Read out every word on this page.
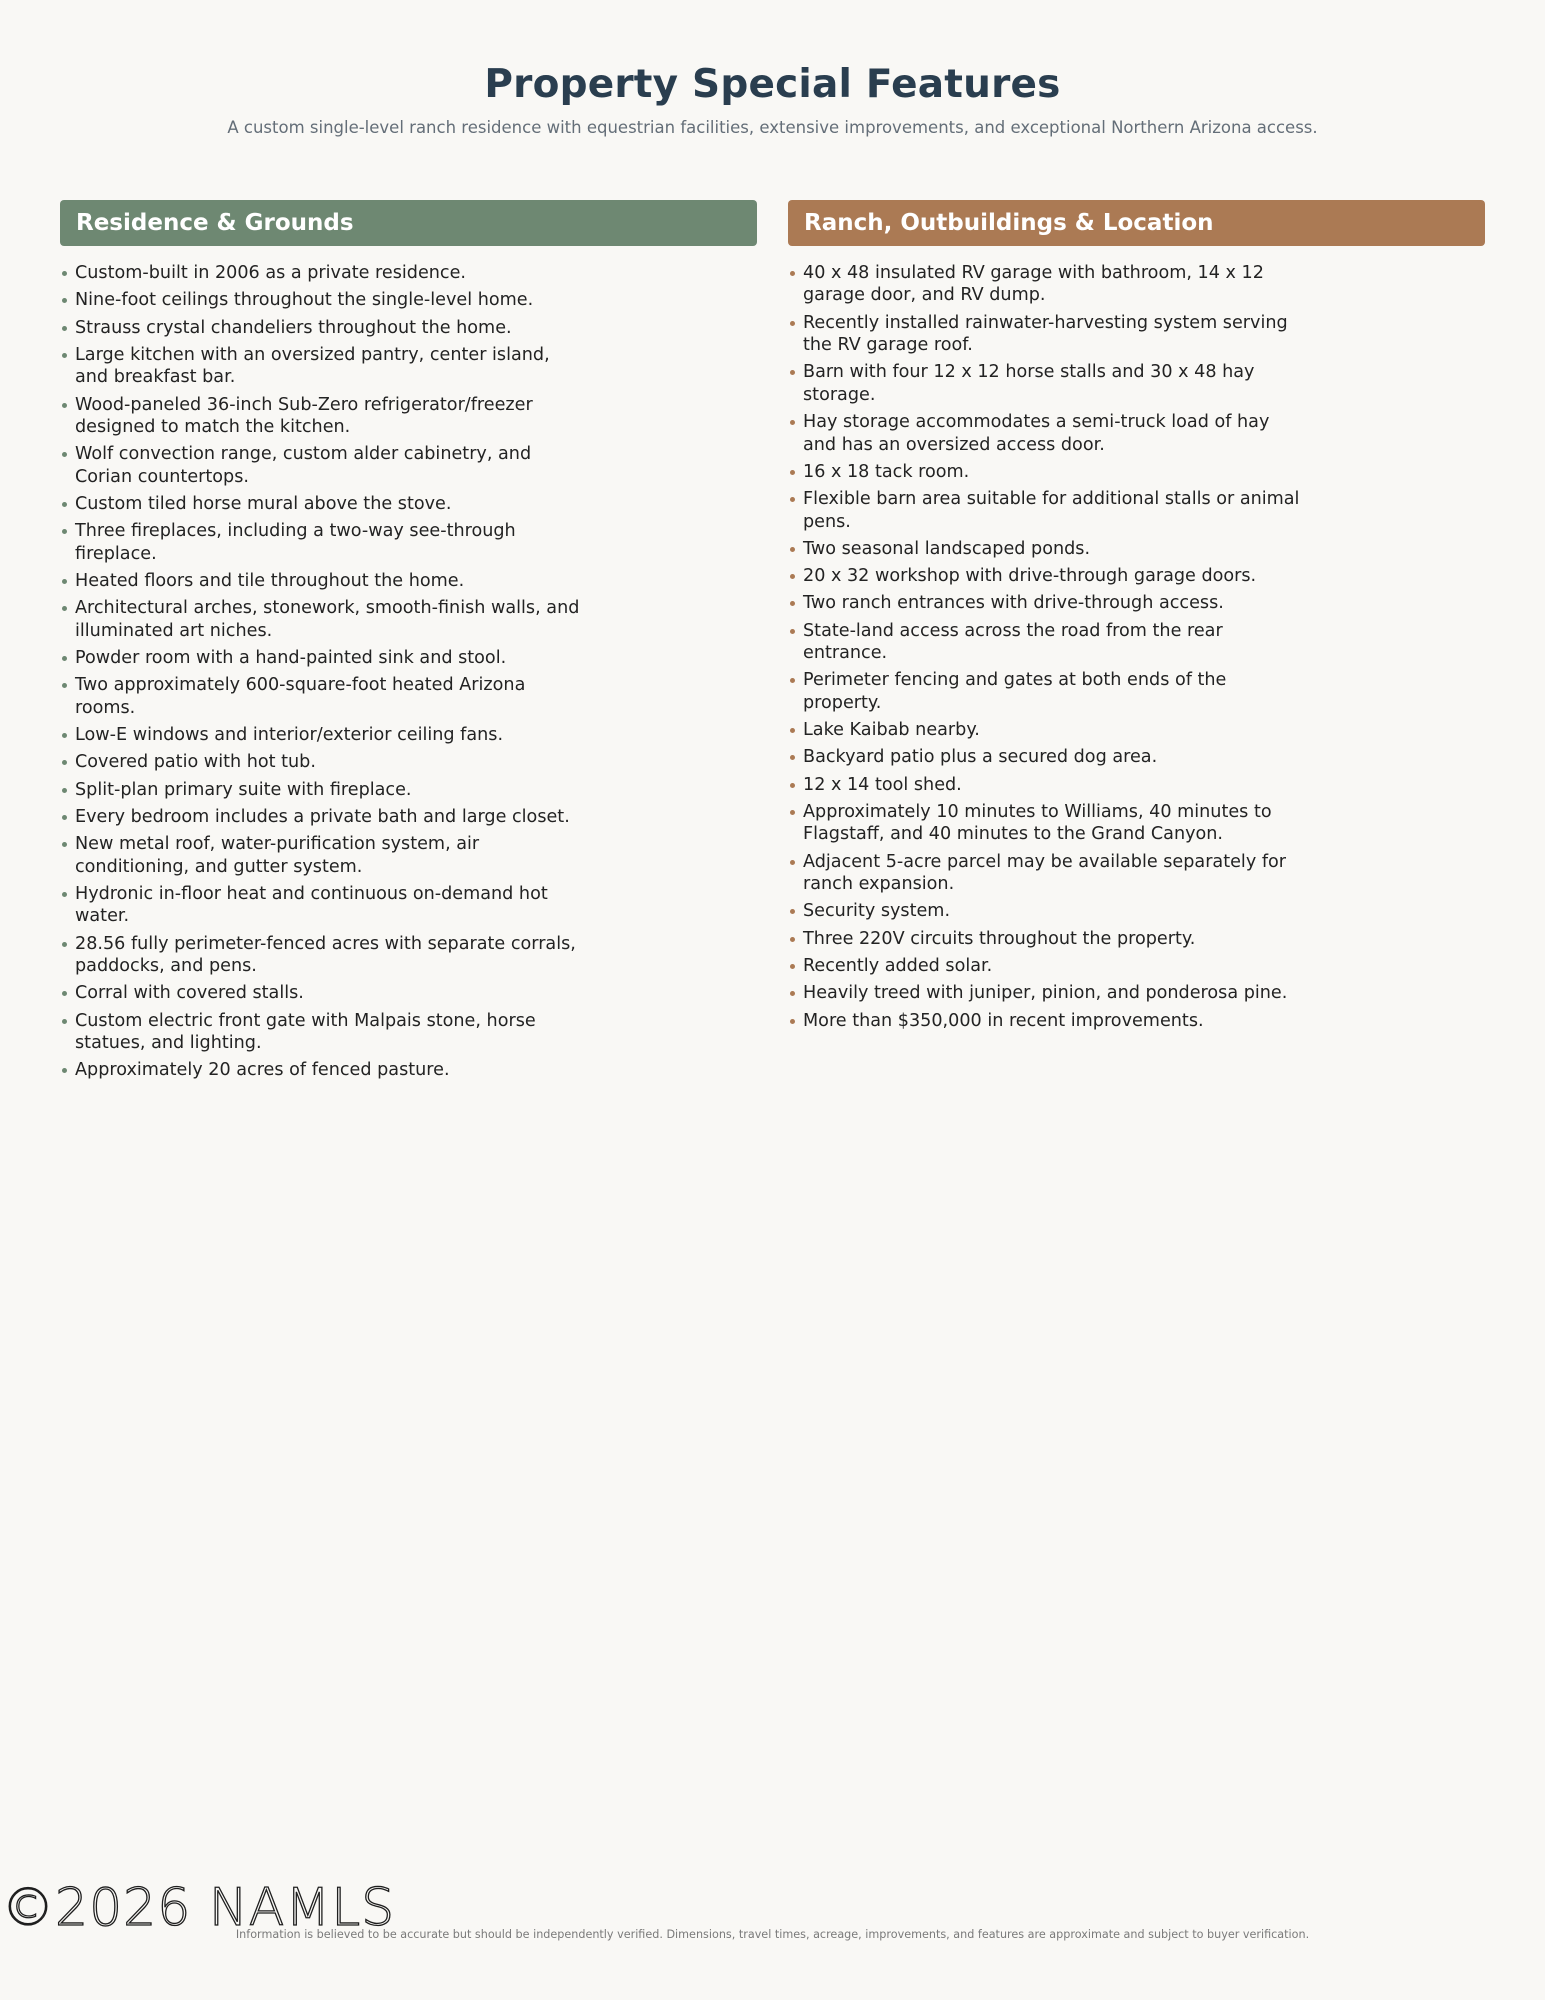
Property Special Features

A custom single-level ranch residence with equestrian facilities, extensive improvements, and exceptional Northern Arizona access.

Residence & Grounds
Custom-built in 2006 as a private residence.
Nine-foot ceilings throughout the single-level home.
Strauss crystal chandeliers throughout the home.
Large kitchen with an oversized pantry, center island, and breakfast bar.
Wood-paneled 36-inch Sub-Zero refrigerator/freezer designed to match the kitchen.
Wolf convection range, custom alder cabinetry, and Corian countertops.
Custom tiled horse mural above the stove.
Three fireplaces, including a two-way see-through fireplace.
Heated floors and tile throughout the home.
Architectural arches, stonework, smooth-finish walls, and illuminated art niches.
Powder room with a hand-painted sink and stool.
Two approximately 600-square-foot heated Arizona rooms.
Low-E windows and interior/exterior ceiling fans.
Covered patio with hot tub.
Split-plan primary suite with fireplace.
Every bedroom includes a private bath and large closet.
New metal roof, water-purification system, air conditioning, and gutter system.
Hydronic in-floor heat and continuous on-demand hot water.
28.56 fully perimeter-fenced acres with separate corrals, paddocks, and pens.
Corral with covered stalls.
Custom electric front gate with Malpais stone, horse statues, and lighting.
Approximately 20 acres of fenced pasture.
Ranch, Outbuildings & Location
40 x 48 insulated RV garage with bathroom, 14 x 12 garage door, and RV dump.
Recently installed rainwater-harvesting system serving the RV garage roof.
Barn with four 12 x 12 horse stalls and 30 x 48 hay storage.
Hay storage accommodates a semi-truck load of hay and has an oversized access door.
16 x 18 tack room.
Flexible barn area suitable for additional stalls or animal pens.
Two seasonal landscaped ponds.
20 x 32 workshop with drive-through garage doors.
Two ranch entrances with drive-through access.
State-land access across the road from the rear entrance.
Perimeter fencing and gates at both ends of the property.
Lake Kaibab nearby.
Backyard patio plus a secured dog area.
12 x 14 tool shed.
Approximately 10 minutes to Williams, 40 minutes to Flagstaff, and 40 minutes to the Grand Canyon.
Adjacent 5-acre parcel may be available separately for ranch expansion.
Security system.
Three 220V circuits throughout the property.
Recently added solar.
Heavily treed with juniper, pinion, and ponderosa pine.
More than $350,000 in recent improvements.
©2026 NAMLS

Information is believed to be accurate but should be independently verified. Dimensions, travel times, acreage, improvements, and features are approximate and subject to buyer verification.
